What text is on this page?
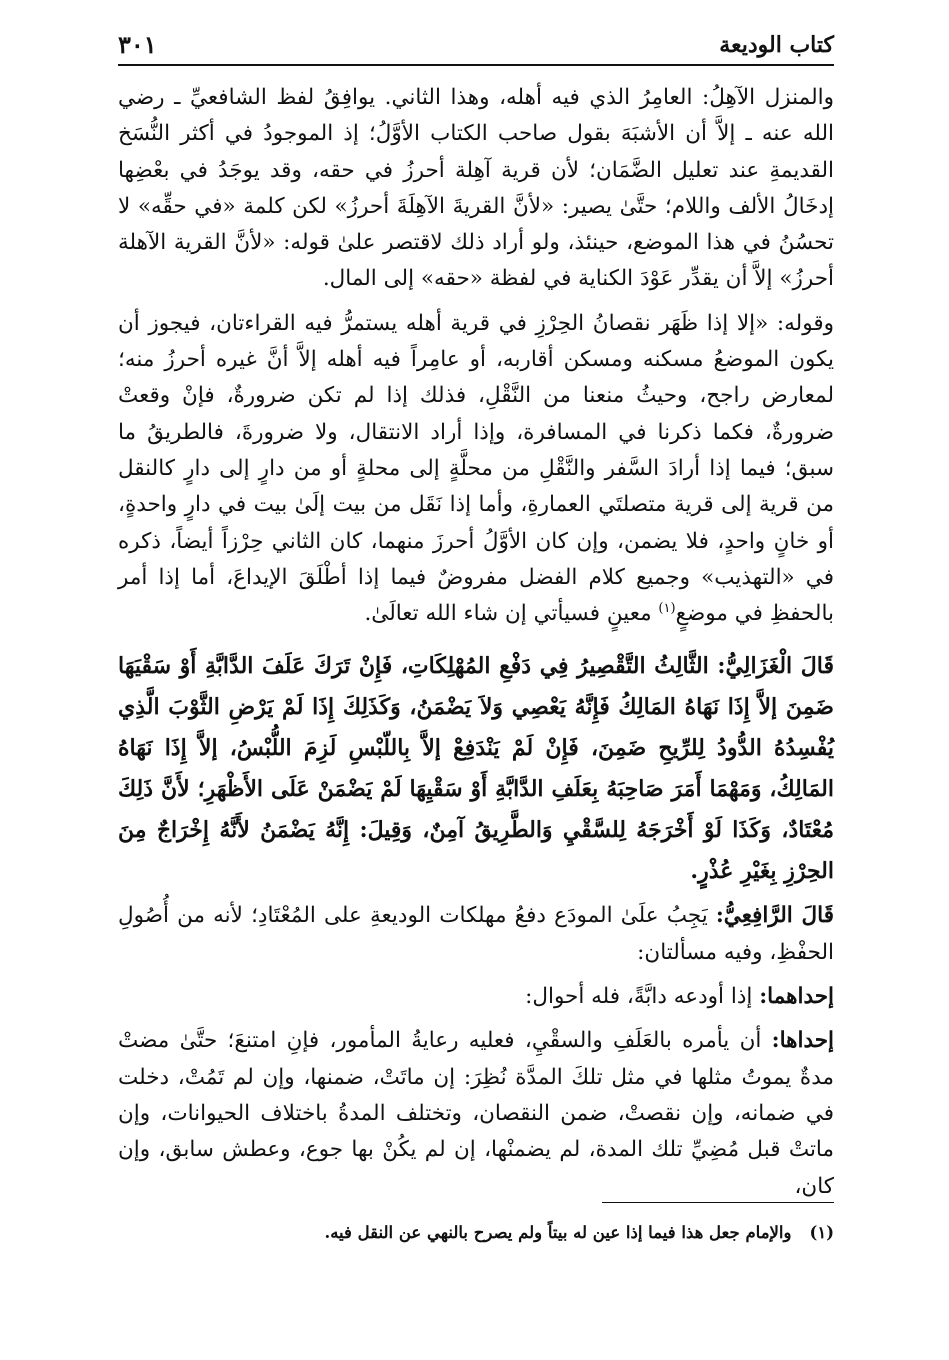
كتاب الوديعة
٣٠١

والمنزل الآهِلُ: العامِرُ الذي فيه أهله، وهذا الثاني. يوافِقُ لفظ الشافعيِّ ـ رضي الله عنه ـ إلاَّ أن الأشبَهَ بقول صاحب الكتاب الأوَّلُ؛ إذ الموجودُ في أكثر النُّسَخ القديمةِ عند تعليل الضَّمَان؛ لأن قرية آهِلة أحرزُ في حقه، وقد يوجَدُ في بعْضِها إدخَالُ الألف واللام؛ حتَّىٰ يصير: «لأنَّ القريةَ الآهِلَةَ أحرزُ» لكن كلمة «في حقِّه» لا تحسُنُ في هذا الموضع، حينئذ، ولو أراد ذلك لاقتصر علىٰ قوله: «لأنَّ القرية الآهلة أحرزُ» إلاَّ أن يقدِّر عَوْدَ الكناية في لفظة «حقه» إلى المال.

وقوله: «إلا إذا ظَهَر نقصانُ الحِرْزِ في قرية أهله يستمرُّ فيه القراءتان، فيجوز أن يكون الموضعُ مسكنه ومسكن أقاربه، أو عامِراً فيه أهله إلاَّ أنَّ غيره أحرزُ منه؛ لمعارض راجح، وحيثُ منعنا من النَّقْلِ، فذلك إذا لم تكن ضرورةٌ، فإنْ وقعتْ ضرورةٌ، فكما ذكرنا في المسافرة، وإذا أراد الانتقال، ولا ضرورةَ، فالطريقُ ما سبق؛ فيما إذا أرادَ السَّفر والنَّقْلِ من محلَّةٍ إلى محلةٍ أو من دارٍ إلى دارٍ كالنقل من قرية إلى قرية متصلتَي العمارةِ، وأما إذا نَقَل من بيت إلَىٰ بيت في دارٍ واحدةٍ، أو خانٍ واحدٍ، فلا يضمن، وإن كان الأوَّلُ أحرزَ منهما، كان الثاني حِرْزاً أيضاً، ذكره في «التهذيب» وجميع كلام الفضل مفروضٌ فيما إذا أطْلَقَ الإيداعَ، أما إذا أمر بالحفظِ في موضعٍ$^{(١)}$ معينٍ فسيأتي إن شاء الله تعالَىٰ.

قَالَ الْغَزَالِيُّ: الثَّالِثُ التَّقْصِيرُ فِي دَفْعِ المُهْلِكَاتِ، فَإِنْ تَرَكَ عَلَفَ الدَّابَّةِ أَوْ سَقْيَهَا ضَمِنَ إلاَّ إِذَا نَهَاهُ المَالِكُ فَإِنَّهُ يَعْصِي وَلاَ يَضْمَنُ، وَكَذَلِكَ إِذَا لَمْ يَرْضِ الثَّوْبَ الَّذِي يُفْسِدُهُ الدُّودُ لِلرِّيحِ ضَمِنَ، فَإِنْ لَمْ يَنْدَفِعْ إلاَّ بِاللّبْسِ لَزِمَ اللُّبْسُ، إلاَّ إِذَا نَهَاهُ المَالِكُ، وَمَهْمَا أَمَرَ صَاحِبَهُ بِعَلَفِ الدَّابَّةِ أَوْ سَقْيِهَا لَمْ يَضْمَنْ عَلَى الأَظْهَرِ؛ لأَنَّ ذَلِكَ مُعْتَادٌ، وَكَذَا لَوْ أَخْرَجَهُ لِلسَّقْيِ وَالطَّرِيقُ آمِنٌ، وَقِيلَ: إِنَّهُ يَضْمَنُ لأَنَّهُ إِخْرَاجٌ مِنَ الحِرْزِ بِغَيْرِ عُذْرٍ.

قَالَ الرَّافِعِيُّ: يَجِبُ علَىٰ المودَع دفعُ مهلكات الوديعةِ على المُعْتَادِ؛ لأنه من أُصُولِ الحفْظِ، وفيه مسألتان:

إحداهما: إذا أودعه دابَّةً، فله أحوال:

إحداها: أن يأمره بالعَلَفِ والسقْيِ، فعليه رعايةُ المأمور، فإنِ امتنعَ؛ حتَّىٰ مضتْ مدةٌ يموتُ مثلها في مثل تلكَ المدَّة نُظِرَ: إن ماتَتْ، ضمنها، وإن لم تَمُتْ، دخلت في ضمانه، وإن نقصتْ، ضمن النقصان، وتختلف المدةُ باختلاف الحيوانات، وإن ماتتْ قبل مُضِيِّ تلك المدة، لم يضمنْها، إن لم يكُنْ بها جوع، وعطش سابق، وإن كان،

(١)والإمام جعل هذا فيما إذا عين له بيتاً ولم يصرح بالنهي عن النقل فيه.
